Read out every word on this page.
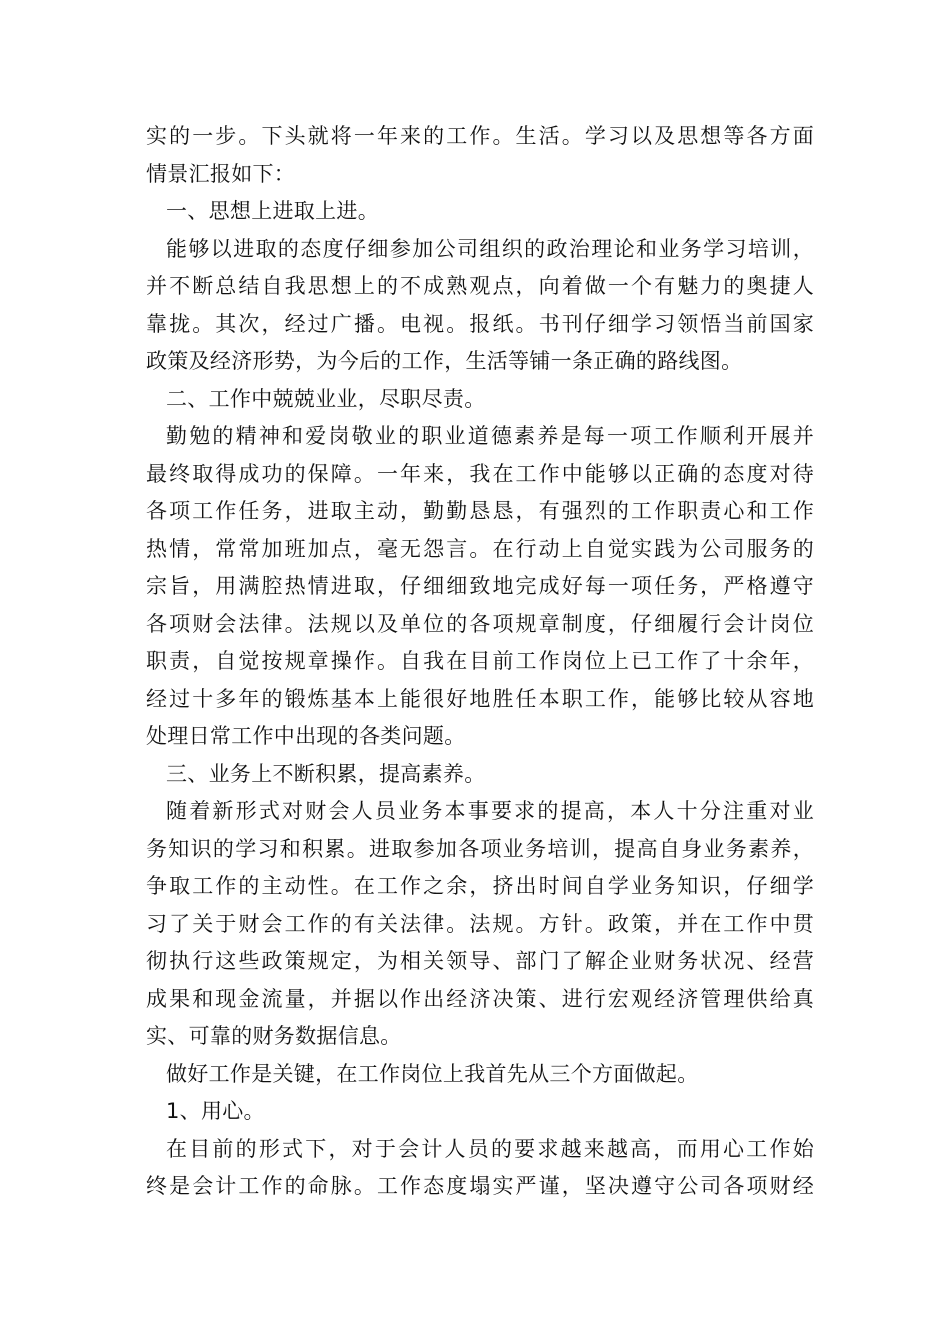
实的一步。下头就将一年来的工作。生活。学习以及思想等各方面
情景汇报如下：
一、思想上进取上进。
能够以进取的态度仔细参加公司组织的政治理论和业务学习培训，
并不断总结自我思想上的不成熟观点，向着做一个有魅力的奥捷人
靠拢。其次，经过广播。电视。报纸。书刊仔细学习领悟当前国家
政策及经济形势，为今后的工作，生活等铺一条正确的路线图。
二、工作中兢兢业业，尽职尽责。
勤勉的精神和爱岗敬业的职业道德素养是每一项工作顺利开展并
最终取得成功的保障。一年来，我在工作中能够以正确的态度对待
各项工作任务，进取主动，勤勤恳恳，有强烈的工作职责心和工作
热情，常常加班加点，毫无怨言。在行动上自觉实践为公司服务的
宗旨，用满腔热情进取，仔细细致地完成好每一项任务，严格遵守
各项财会法律。法规以及单位的各项规章制度，仔细履行会计岗位
职责，自觉按规章操作。自我在目前工作岗位上已工作了十余年，
经过十多年的锻炼基本上能很好地胜任本职工作，能够比较从容地
处理日常工作中出现的各类问题。
三、业务上不断积累，提高素养。
随着新形式对财会人员业务本事要求的提高，本人十分注重对业
务知识的学习和积累。进取参加各项业务培训，提高自身业务素养，
争取工作的主动性。在工作之余，挤出时间自学业务知识，仔细学
习了关于财会工作的有关法律。法规。方针。政策，并在工作中贯
彻执行这些政策规定，为相关领导、部门了解企业财务状况、经营
成果和现金流量，并据以作出经济决策、进行宏观经济管理供给真
实、可靠的财务数据信息。
做好工作是关键，在工作岗位上我首先从三个方面做起。
1、用心。
在目前的形式下，对于会计人员的要求越来越高，而用心工作始
终是会计工作的命脉。工作态度塌实严谨，坚决遵守公司各项财经
